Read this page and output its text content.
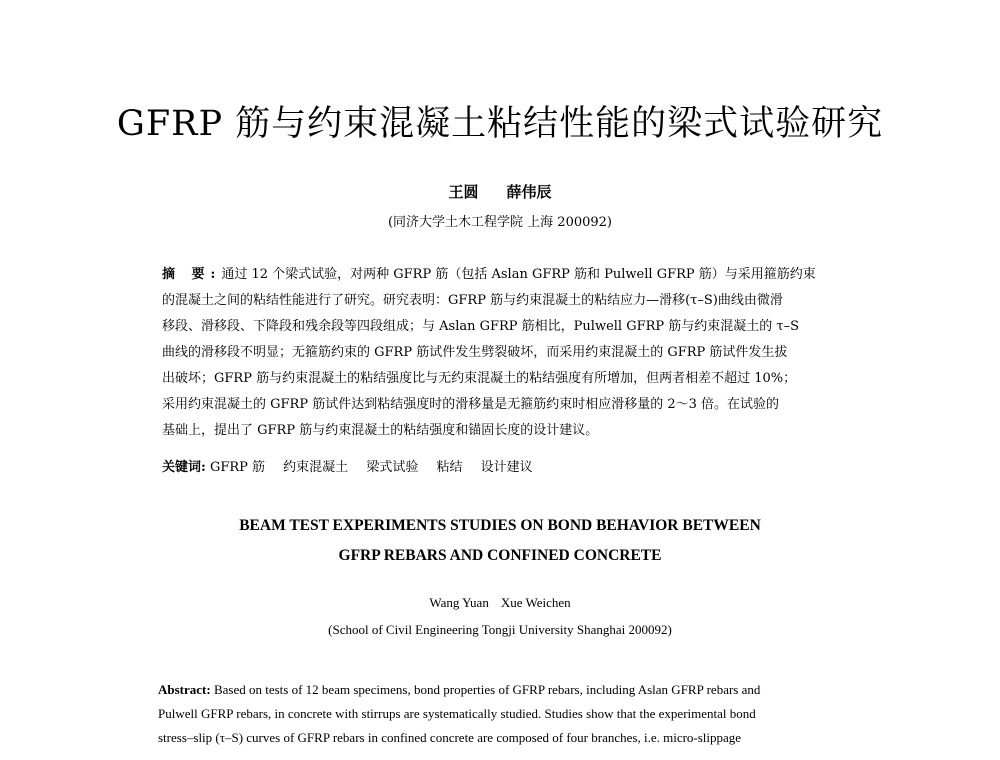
GFRP 筋与约束混凝土粘结性能的梁式试验研究
王圆 薛伟辰
(同济大学土木工程学院 上海 200092)
摘 要:通过 12 个梁式试验，对两种 GFRP 筋（包括 Aslan GFRP 筋和 Pulwell GFRP 筋）与采用箍筋约束
的混凝土之间的粘结性能进行了研究。研究表明：GFRP 筋与约束混凝土的粘结应力—滑移(τ–S)曲线由微滑
移段、滑移段、下降段和残余段等四段组成；与 Aslan GFRP 筋相比，Pulwell GFRP 筋与约束混凝土的 τ–S
曲线的滑移段不明显；无箍筋约束的 GFRP 筋试件发生劈裂破坏，而采用约束混凝土的 GFRP 筋试件发生拔
出破坏；GFRP 筋与约束混凝土的粘结强度比与无约束混凝土的粘结强度有所增加，但两者相差不超过 10%；
采用约束混凝土的 GFRP 筋试件达到粘结强度时的滑移量是无箍筋约束时相应滑移量的 2～3 倍。在试验的
基础上，提出了 GFRP 筋与约束混凝土的粘结强度和锚固长度的设计建议。
关键词: GFRP 筋 约束混凝土 梁式试验 粘结 设计建议
BEAM TEST EXPERIMENTS STUDIES ON BOND BEHAVIOR BETWEEN
GFRP REBARS AND CONFINED CONCRETE
Wang Yuan Xue Weichen
(School of Civil Engineering Tongji University Shanghai 200092)
Abstract: Based on tests of 12 beam specimens, bond properties of GFRP rebars, including Aslan GFRP rebars and
Pulwell GFRP rebars, in concrete with stirrups are systematically studied. Studies show that the experimental bond
stress–slip (τ–S) curves of GFRP rebars in confined concrete are composed of four branches, i.e. micro-slippage
